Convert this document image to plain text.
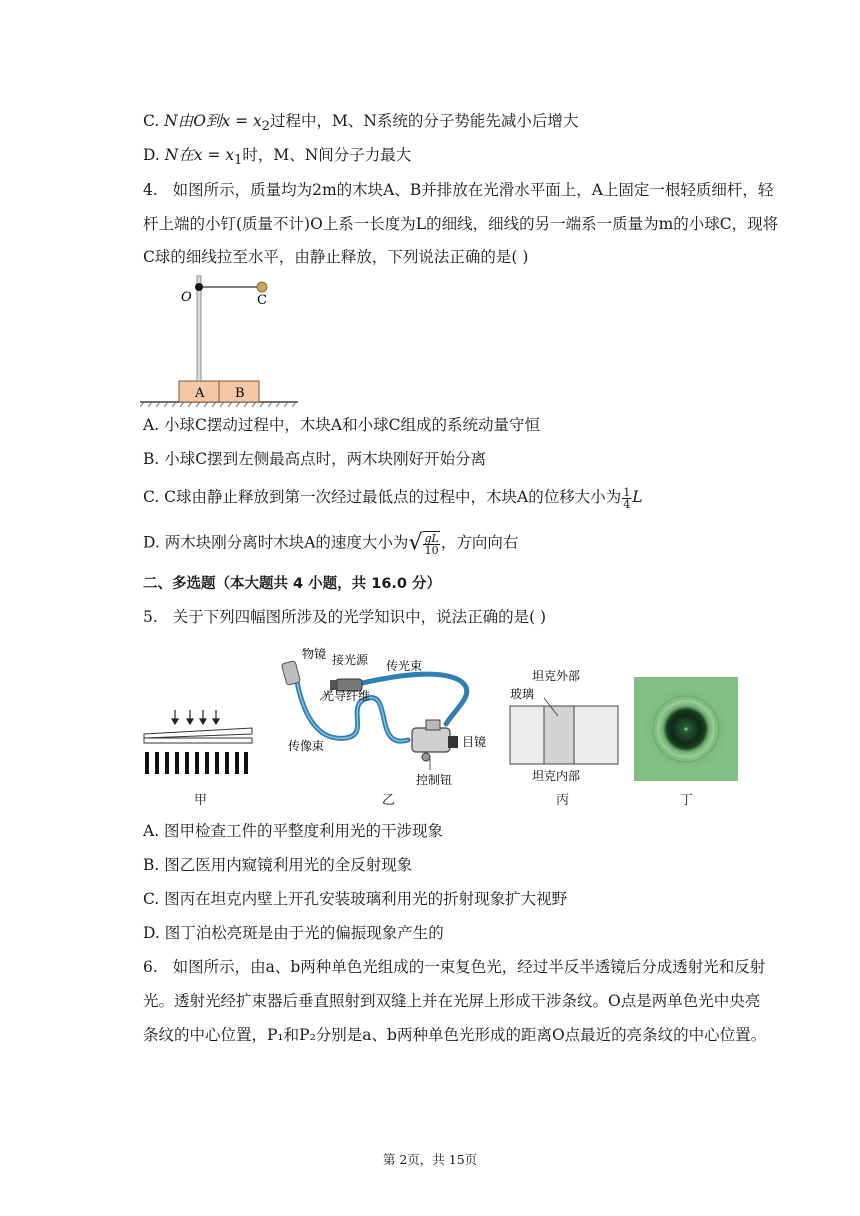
C. N由O到$x = x_2$过程中，M、N系统的分子势能先减小后增大
D. N在$x = x_1$时，M、N间分子力最大
4. 如图所示，质量均为2m的木块A、B并排放在光滑水平面上，A上固定一根轻质细杆，轻
杆上端的小钉(质量不计)O上系一长度为L的细线，细线的另一端系一质量为m的小球C，现将
C球的细线拉至水平，由静止释放，下列说法正确的是( )
A B
O	C
A. 小球C摆动过程中，木块A和小球C组成的系统动量守恒
B. 小球C摆到左侧最高点时，两木块刚好开始分离
C. C球由静止释放到第一次经过最低点的过程中，木块A的位移大小为 $\frac{1}{4}$ L
D. 两木块刚分离时木块A的速度大小为√ $\frac{gL}{10}$ ，方向向右
二、多选题（本大题共 4 小题，共 16.0 分）
5. 关于下列四幅图所涉及的光学知识中，说法正确的是( )
甲
物镜 接光源 传光束
光导纤维
传像束	目镜
控制钮
乙
坦克外部
玻璃
坦克内部
丙	丁
A. 图甲检查工件的平整度利用光的干涉现象
B. 图乙医用内窥镜利用光的全反射现象
C. 图丙在坦克内壁上开孔安装玻璃利用光的折射现象扩大视野
D. 图丁泊松亮斑是由于光的偏振现象产生的
6. 如图所示，由a、b两种单色光组成的一束复色光，经过半反半透镜后分成透射光和反射
光。透射光经扩束器后垂直照射到双缝上并在光屏上形成干涉条纹。O点是两单色光中央亮
条纹的中心位置，P₁和P₂分别是a、b两种单色光形成的距离O点最近的亮条纹的中心位置。
第 2页，共 15页
